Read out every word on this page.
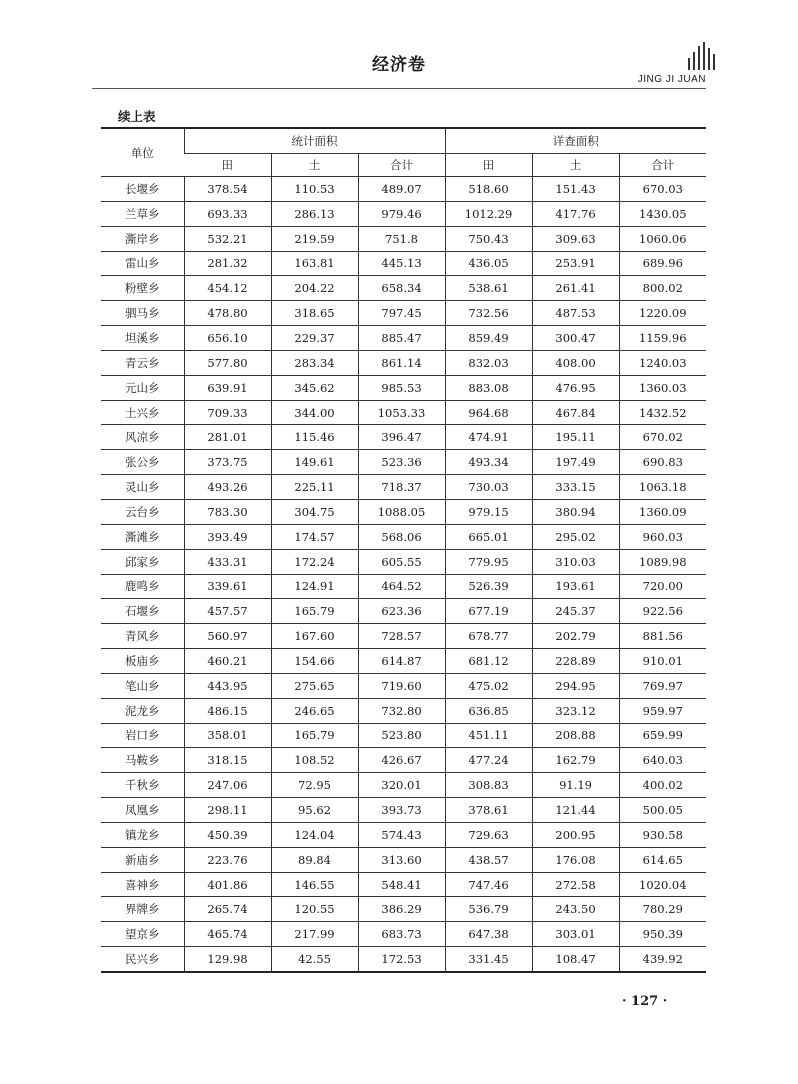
经济卷
JING JI JUAN
续上表
单位	统计面积			详查面积		
	田	土	合计	田	土	合计
长堰乡	378.54	110.53	489.07	518.60	151.43	670.03
兰草乡	693.33	286.13	979.46	1012.29	417.76	1430.05
澌岸乡	532.21	219.59	751.8	750.43	309.63	1060.06
雷山乡	281.32	163.81	445.13	436.05	253.91	689.96
粉壁乡	454.12	204.22	658.34	538.61	261.41	800.02
驷马乡	478.80	318.65	797.45	732.56	487.53	1220.09
坦溪乡	656.10	229.37	885.47	859.49	300.47	1159.96
青云乡	577.80	283.34	861.14	832.03	408.00	1240.03
元山乡	639.91	345.62	985.53	883.08	476.95	1360.03
土兴乡	709.33	344.00	1053.33	964.68	467.84	1432.52
风凉乡	281.01	115.46	396.47	474.91	195.11	670.02
张公乡	373.75	149.61	523.36	493.34	197.49	690.83
灵山乡	493.26	225.11	718.37	730.03	333.15	1063.18
云台乡	783.30	304.75	1088.05	979.15	380.94	1360.09
澌滩乡	393.49	174.57	568.06	665.01	295.02	960.03
邱家乡	433.31	172.24	605.55	779.95	310.03	1089.98
鹿鸣乡	339.61	124.91	464.52	526.39	193.61	720.00
石堰乡	457.57	165.79	623.36	677.19	245.37	922.56
青风乡	560.97	167.60	728.57	678.77	202.79	881.56
板庙乡	460.21	154.66	614.87	681.12	228.89	910.01
笔山乡	443.95	275.65	719.60	475.02	294.95	769.97
泥龙乡	486.15	246.65	732.80	636.85	323.12	959.97
岩口乡	358.01	165.79	523.80	451.11	208.88	659.99
马鞍乡	318.15	108.52	426.67	477.24	162.79	640.03
千秋乡	247.06	72.95	320.01	308.83	91.19	400.02
凤凰乡	298.11	95.62	393.73	378.61	121.44	500.05
镇龙乡	450.39	124.04	574.43	729.63	200.95	930.58
新庙乡	223.76	89.84	313.60	438.57	176.08	614.65
喜神乡	401.86	146.55	548.41	747.46	272.58	1020.04
界牌乡	265.74	120.55	386.29	536.79	243.50	780.29
望京乡	465.74	217.99	683.73	647.38	303.01	950.39
民兴乡	129.98	42.55	172.53	331.45	108.47	439.92
· 127 ·
